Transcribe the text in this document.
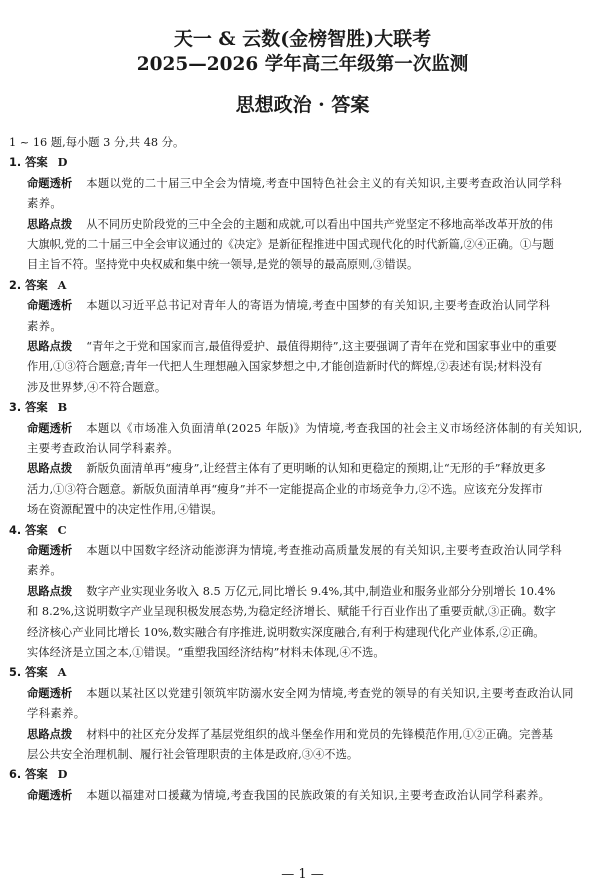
天一 & 云数(金榜智胜)大联考
2025—2026 学年高三年级第一次监测
思想政治 · 答案
1 ~ 16 题,每小题 3 分,共 48 分。
1. 答案 D
命题透析 本题以党的二十届三中全会为情境,考查中国特色社会主义的有关知识,主要考查政治认同学科
素养。
思路点拨 从不同历史阶段党的三中全会的主题和成就,可以看出中国共产党坚定不移地高举改革开放的伟
大旗帜,党的二十届三中全会审议通过的《决定》是新征程推进中国式现代化的时代新篇,②④正确。①与题
目主旨不符。坚持党中央权威和集中统一领导,是党的领导的最高原则,③错误。
2. 答案 A
命题透析 本题以习近平总书记对青年人的寄语为情境,考查中国梦的有关知识,主要考查政治认同学科
素养。
思路点拨 “青年之于党和国家而言,最值得爱护、最值得期待”,这主要强调了青年在党和国家事业中的重要
作用,①③符合题意;青年一代把人生理想融入国家梦想之中,才能创造新时代的辉煌,②表述有误;材料没有
涉及世界梦,④不符合题意。
3. 答案 B
命题透析 本题以《市场准入负面清单(2025 年版)》为情境,考查我国的社会主义市场经济体制的有关知识,
主要考查政治认同学科素养。
思路点拨 新版负面清单再“瘦身”,让经营主体有了更明晰的认知和更稳定的预期,让“无形的手”释放更多
活力,①③符合题意。新版负面清单再“瘦身”并不一定能提高企业的市场竞争力,②不选。应该充分发挥市
场在资源配置中的决定性作用,④错误。
4. 答案 C
命题透析 本题以中国数字经济动能澎湃为情境,考查推动高质量发展的有关知识,主要考查政治认同学科
素养。
思路点拨 数字产业实现业务收入 8.5 万亿元,同比增长 9.4%,其中,制造业和服务业部分分别增长 10.4%
和 8.2%,这说明数字产业呈现积极发展态势,为稳定经济增长、赋能千行百业作出了重要贡献,③正确。数字
经济核心产业同比增长 10%,数实融合有序推进,说明数实深度融合,有利于构建现代化产业体系,②正确。
实体经济是立国之本,①错误。“重塑我国经济结构”材料未体现,④不选。
5. 答案 A
命题透析 本题以某社区以党建引领筑牢防溺水安全网为情境,考查党的领导的有关知识,主要考查政治认同
学科素养。
思路点拨 材料中的社区充分发挥了基层党组织的战斗堡垒作用和党员的先锋模范作用,①②正确。完善基
层公共安全治理机制、履行社会管理职责的主体是政府,③④不选。
6. 答案 D
命题透析 本题以福建对口援藏为情境,考查我国的民族政策的有关知识,主要考查政治认同学科素养。
— 1 —
